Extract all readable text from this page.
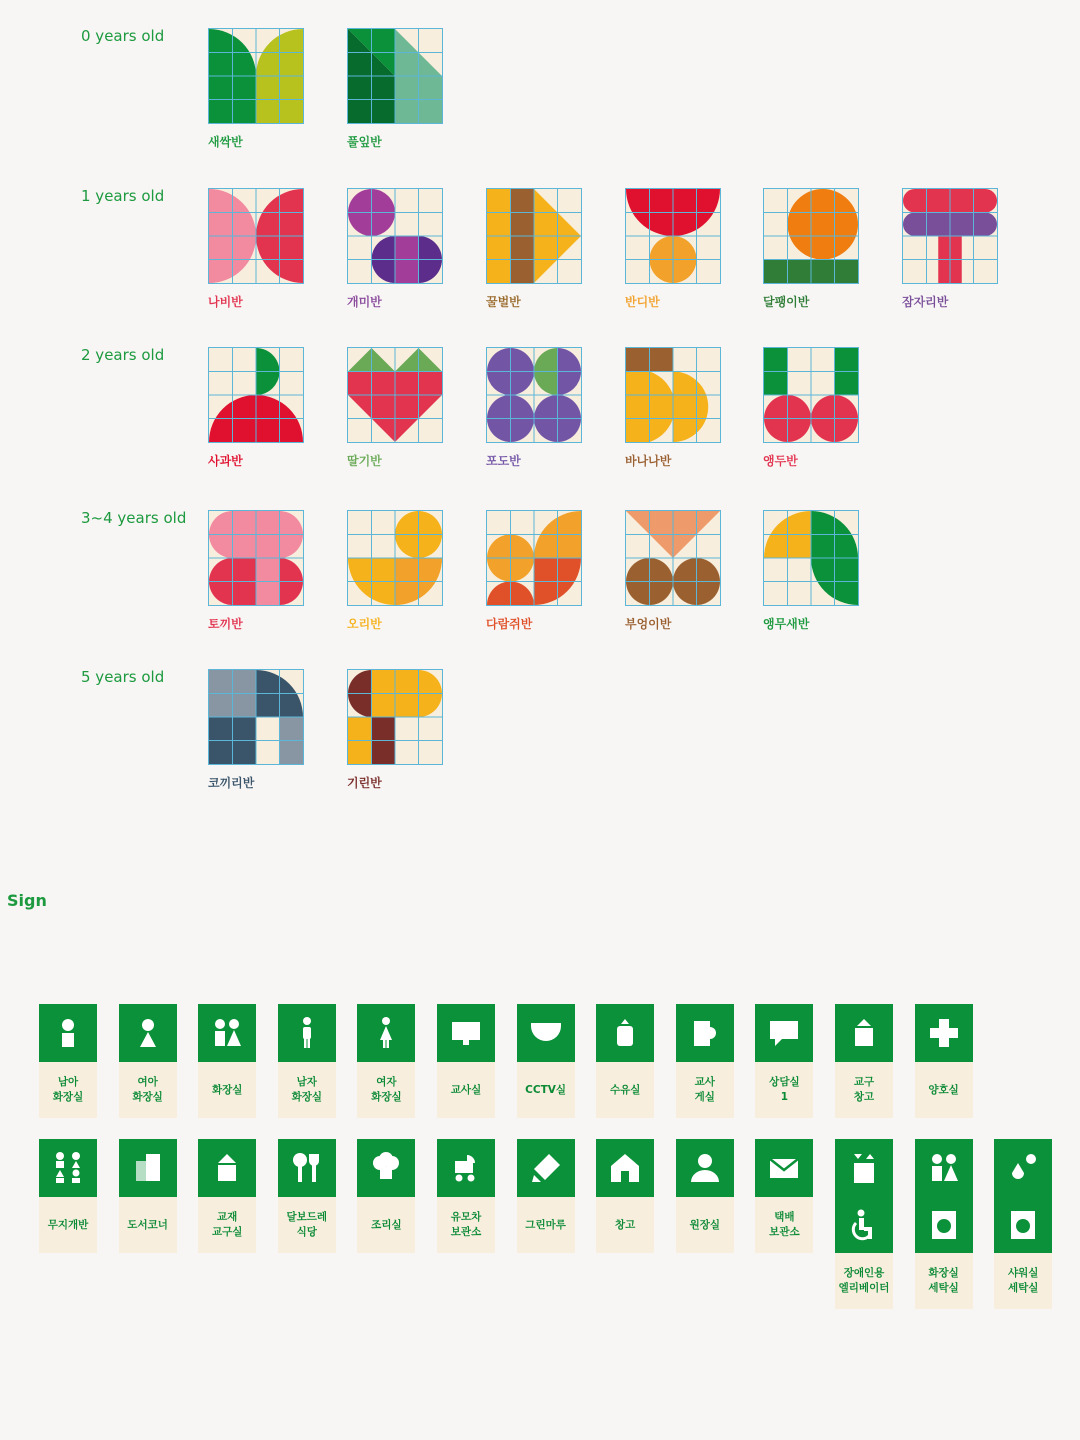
0 years old
새싹반	풀잎반
1 years old
나비반	개미반	꿀벌반	반디반	달팽이반	잠자리반
2 years old
사과반	딸기반	포도반	바나나반	앵두반
3~4 years old
토끼반	오리반	다람쥐반	부엉이반	앵무새반
5 years old
코끼리반	기린반
Sign
남아
화장실
여아
화장실
화장실
남자
화장실
여자
화장실
교사실	CCTV실	수유실
교사
게실
상담실
1
교구
창고
양호실
무지개반	도서코너
교재
교구실
달보드레
식당
조리실
유모차
보관소
그린마루	창고	원장실
택배
보관소
장애인용
엘리베이터
화장실
세탁실
샤워실
세탁실
